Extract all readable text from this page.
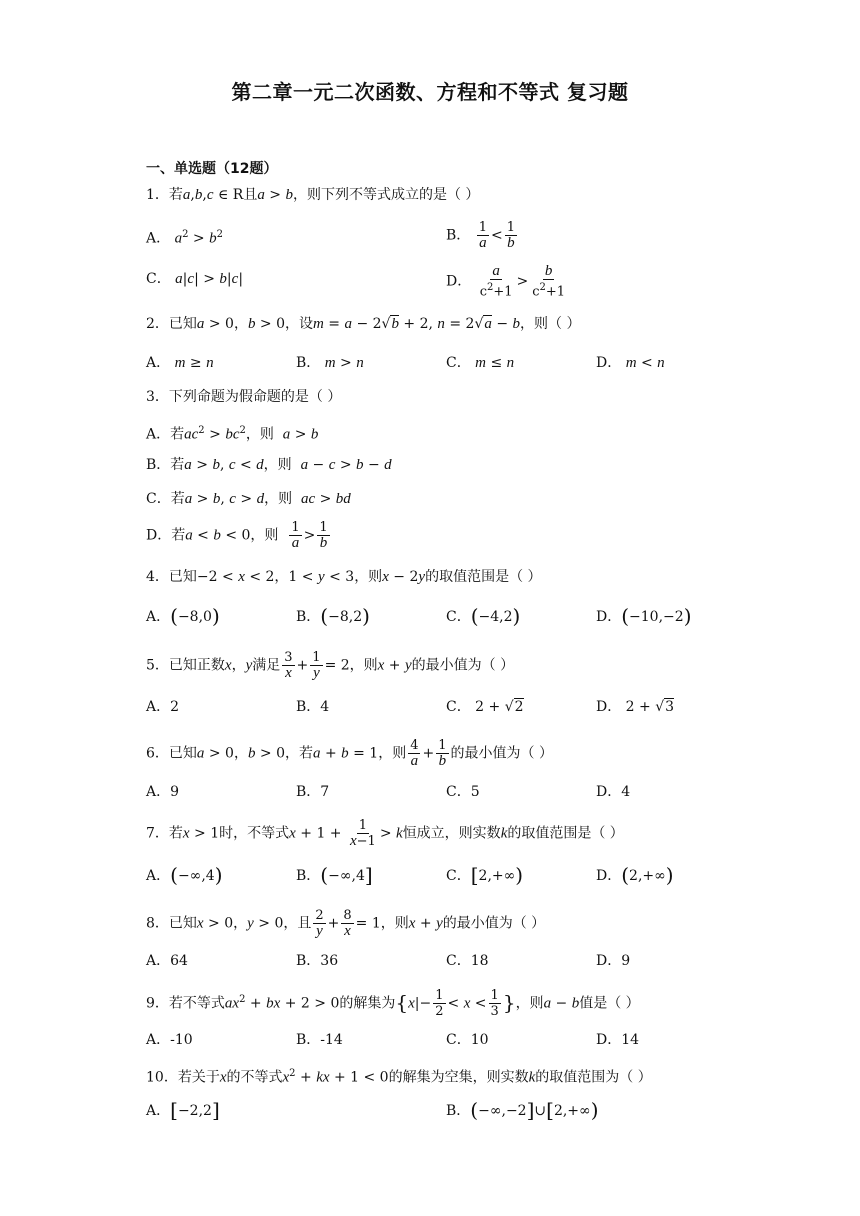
第二章一元二次函数、方程和不等式 复习题
一、单选题（12题）
1．若a,b,c ∈ R且a > b，则下列不等式成立的是（ ）
A． $a^2 > b^2$	B． $\frac{1}{a} < \frac{1}{b}$
C． a|c| > b|c|	D． $\frac{a}{c^2+1} > \frac{b}{c^2+1}$
2．已知a > 0，b > 0，设m = a − 2√b + 2, n = 2√a − b，则（ ）
A． m ≥ n	B． m > n	C． m ≤ n	D． m < n
3．下列命题为假命题的是（ ）
A．若$ac^2 > bc^2$，则 a > b
B．若a > b, c < d，则 a − c > b − d
C．若a > b, c > d，则 ac > bd
D．若a < b < 0，则 $\frac{1}{a} > \frac{1}{b}$
4．已知−2 < x < 2，1 < y < 3，则x − 2y的取值范围是（ ）
A．(−8,0)	B．(−8,2)	C．(−4,2)	D．(−10,−2)
5．已知正数x，y满足 $\frac{3}{x} + \frac{1}{y} = 2$，则x + y的最小值为（ ）
A．2	B．4	C． 2 + √2	D． 2 + √3
6．已知a > 0，b > 0，若a + b = 1，则 $\frac{4}{a} + \frac{1}{b}$ 的最小值为（ ）
A．9	B．7	C．5	D．4
7．若x > 1时，不等式$x + 1 + \frac{1}{x-1} > k$恒成立，则实数k的取值范围是（ ）
A．(−∞,4)	B．(−∞,4]	C．[2,+∞)	D．(2,+∞)
8．已知x > 0，y > 0，且 $\frac{2}{y} + \frac{8}{x} = 1$，则x + y的最小值为（ ）
A．64	B．36	C．18	D．9
9．若不等式$ax^2$ + bx + 2 > 0的解集为{$x|- \frac{1}{2} < x < \frac{1}{3}$ }，则a − b值是（ ）
A．-10	B．-14	C．10	D．14
10．若关于x的不等式$x^2$ + kx + 1 < 0的解集为空集，则实数k的取值范围为（ ）
A．[−2,2]	B．(−∞,−2]∪[2,+∞)
